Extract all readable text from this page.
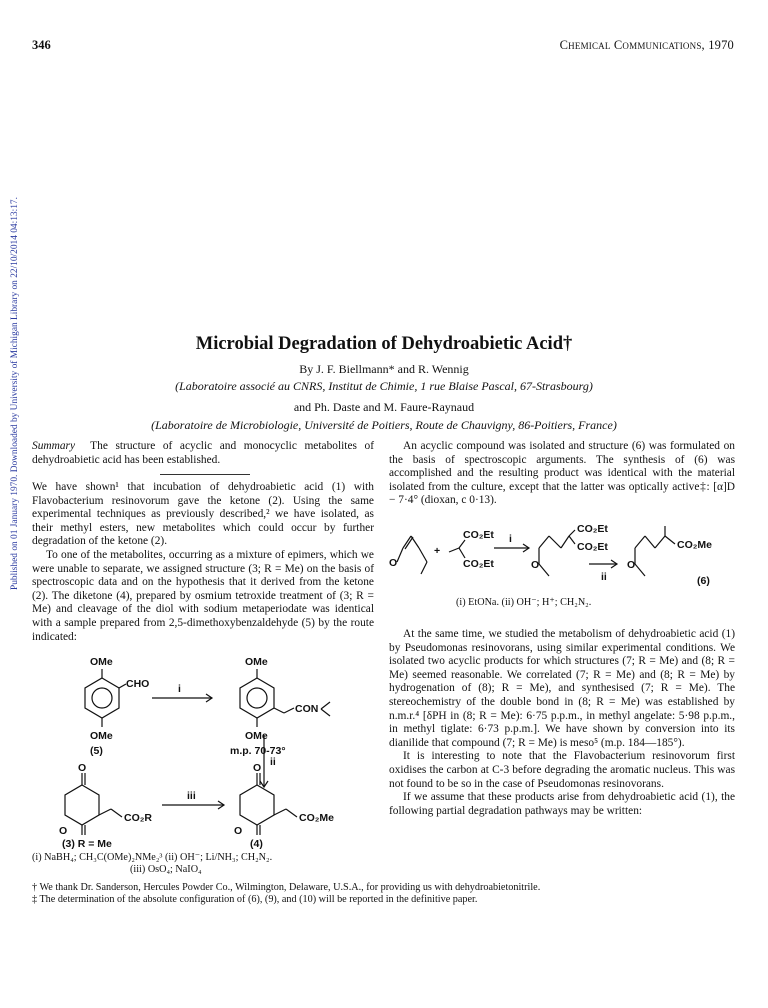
Published on 01 January 1970. Downloaded by University of Michigan Library on 22/10/2014 04:13:17.
346	Chemical Communications, 1970
Microbial Degradation of Dehydroabietic Acid†
By J. F. Biellmann* and R. Wennig
(Laboratoire associé au CNRS, Institut de Chimie, 1 rue Blaise Pascal, 67-Strasbourg)
and Ph. Daste and M. Faure-Raynaud
(Laboratoire de Microbiologie, Université de Poitiers, Route de Chauvigny, 86-Poitiers, France)

Summary The structure of acyclic and monocyclic metabolites of dehydroabietic acid has been established.

We have shown¹ that incubation of dehydroabietic acid (1) with Flavobacterium resinovorum gave the ketone (2). Using the same experimental techniques as previously described,² we have isolated, as their methyl esters, new metabolites which could occur by further degradation of the ketone (2).

To one of the metabolites, occurring as a mixture of epimers, which we were unable to separate, we assigned structure (3; R = Me) on the basis of spectroscopic data and on the hypothesis that it derived from the ketone (2). The diketone (4), prepared by osmium tetroxide treatment of (3; R = Me) and cleavage of the diol with sodium metaperiodate was identical with a sample prepared from 2,5-dimethoxybenzaldehyde (5) by the route indicated:

OMe
CHO
OMe
(5)
i
OMe
CON
OMe
m.p. 70-73°
ii
O
CO₂R
iii
O
CO₂Me
(3) R = Me
O	O
(4)
(i) NaBH₄; CH₃C(OMe)₂NMe₂³ (ii) OH⁻; Li/NH₃; CH₂N₂.
(iii) OsO₄; NaIO₄

An acyclic compound was isolated and structure (6) was formulated on the basis of spectroscopic arguments. The synthesis of (6) was accomplished and the resulting product was identical with the material isolated from the culture, except that the latter was optically active‡: [α]D − 7·4° (dioxan, c 0·13).

O
+
CO₂Et
CO₂Et
i
O
CO₂Et
CO₂Et
ii
O
CO₂Me
(6)
(i) EtONa. (ii) OH⁻; H⁺; CH₂N₂.

At the same time, we studied the metabolism of dehydroabietic acid (1) by Pseudomonas resinovorans, using similar experimental conditions. We isolated two acyclic products for which structures (7; R = Me) and (8; R = Me) seemed reasonable. We correlated (7; R = Me) and (8; R = Me) by hydrogenation of (8); R = Me), and synthesised (7; R = Me). The stereochemistry of the double bond in (8; R = Me) was established by n.m.r.⁴ [δPH in (8; R = Me): 6·75 p.p.m., in methyl angelate: 5·98 p.p.m., in methyl tiglate: 6·73 p.p.m.]. We have shown by conversion into its dianilide that compound (7; R = Me) is meso⁵ (m.p. 184—185°).

It is interesting to note that the Flavobacterium resinovorum first oxidises the carbon at C-3 before degrading the aromatic nucleus. This was not found to be so in the case of Pseudomonas resinovorans.

If we assume that these products arise from dehydroabietic acid (1), the following partial degradation pathways may be written:

† We thank Dr. Sanderson, Hercules Powder Co., Wilmington, Delaware, U.S.A., for providing us with dehydroabietonitrile.
‡ The determination of the absolute configuration of (6), (9), and (10) will be reported in the definitive paper.
